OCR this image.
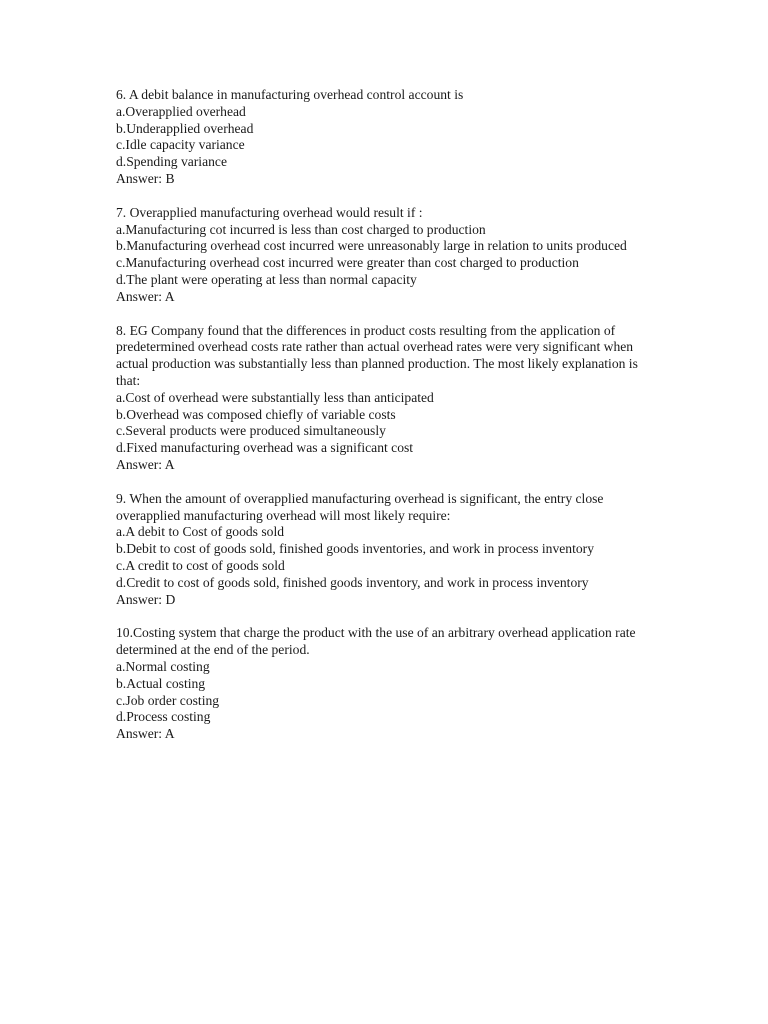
6. A debit balance in manufacturing overhead control account is
a.Overapplied overhead
b.Underapplied overhead
c.Idle capacity variance
d.Spending variance
Answer: B
7. Overapplied manufacturing overhead would result if :
a.Manufacturing cot incurred is less than cost charged to production
b.Manufacturing overhead cost incurred were unreasonably large in relation to units produced
c.Manufacturing overhead cost incurred were greater than cost charged to production
d.The plant were operating at less than normal capacity
Answer: A
8. EG Company found that the differences in product costs resulting from the application of predetermined overhead costs rate rather than actual overhead rates were very significant when actual production was substantially less than planned production. The most likely explanation is that:
a.Cost of overhead were substantially less than anticipated
b.Overhead was composed chiefly of variable costs
c.Several products were produced simultaneously
d.Fixed manufacturing overhead was a significant cost
Answer: A
9. When the amount of overapplied manufacturing overhead is significant, the entry close overapplied manufacturing overhead will most likely require:
a.A debit to Cost of goods sold
b.Debit to cost of goods sold, finished goods inventories, and work in process inventory
c.A credit to cost of goods sold
d.Credit to cost of goods sold, finished goods inventory, and work in process inventory
Answer: D
10.Costing system that charge the product with the use of an arbitrary overhead application rate determined at the end of the period.
a.Normal costing
b.Actual costing
c.Job order costing
d.Process costing
Answer: A
